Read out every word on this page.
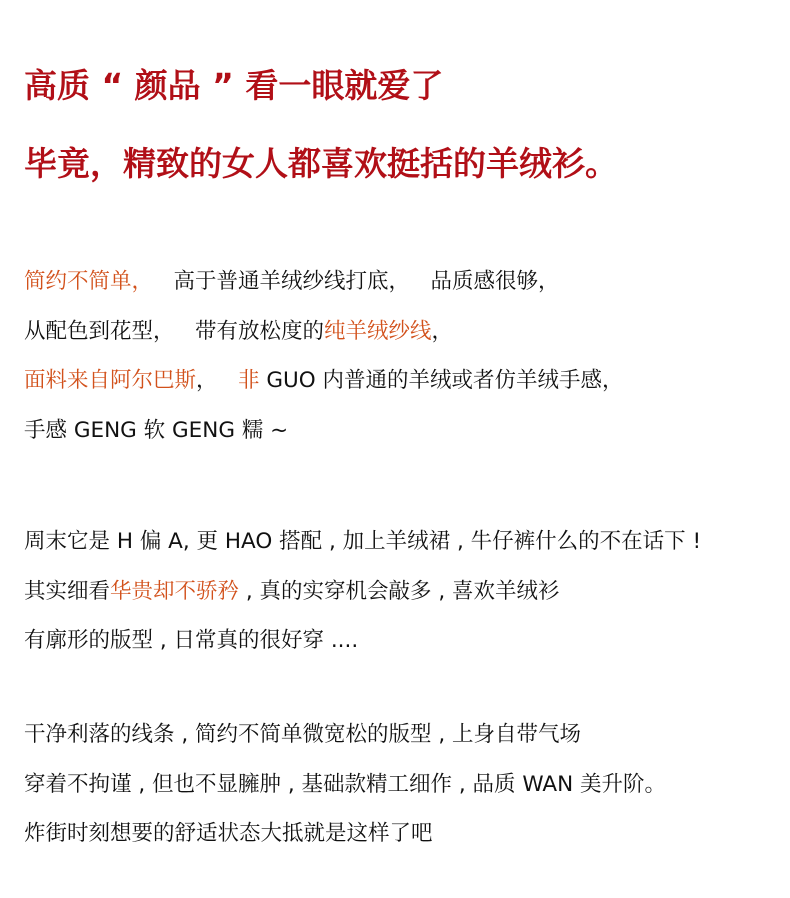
高质 “ 颜品 ” 看一眼就爱了
毕竟，精致的女人都喜欢挺括的羊绒衫。
简约不简单，   高于普通羊绒纱线打底，   品质感很够，
从配色到花型，   带有放松度的纯羊绒纱线，
面料来自阿尔巴斯，   非 GUO 内普通的羊绒或者仿羊绒手感，
手感 GENG 软 GENG 糯 ~
周末它是 H 偏 A, 更 HAO 搭配 , 加上羊绒裙 , 牛仔裤什么的不在话下 !
其实细看华贵却不骄矜 , 真的实穿机会敲多 , 喜欢羊绒衫
有廓形的版型 , 日常真的很好穿 ....
干净利落的线条 , 简约不简单微宽松的版型 , 上身自带气场
穿着不拘谨 , 但也不显臃肿 , 基础款精工细作 , 品质 WAN 美升阶。
炸街时刻想要的舒适状态大抵就是这样了吧
